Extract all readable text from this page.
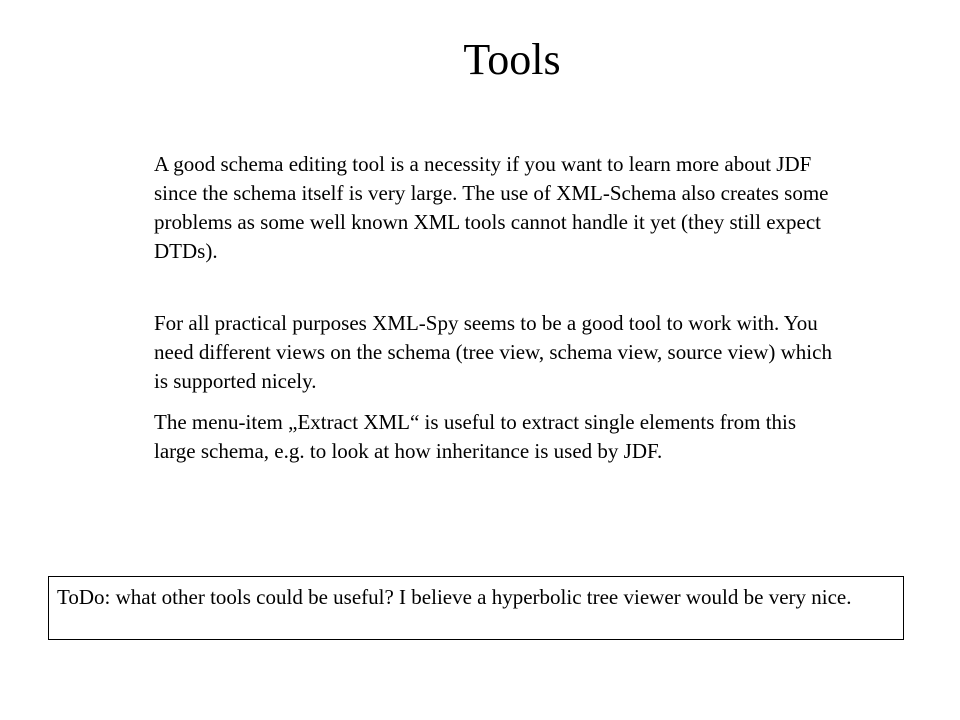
Tools

A good schema editing tool is a necessity if you want to learn more about JDF since the schema itself is very large. The use of XML-Schema also creates some problems as some well known XML tools cannot handle it yet (they still expect DTDs).

For all practical purposes XML-Spy seems to be a good tool to work with. You need different views on the schema (tree view, schema view, source view) which is supported nicely.

The menu-item „Extract XML“ is useful to extract single elements from this large schema, e.g. to look at how inheritance is used by JDF.

ToDo: what other tools could be useful? I believe a hyperbolic tree viewer would be very nice.
